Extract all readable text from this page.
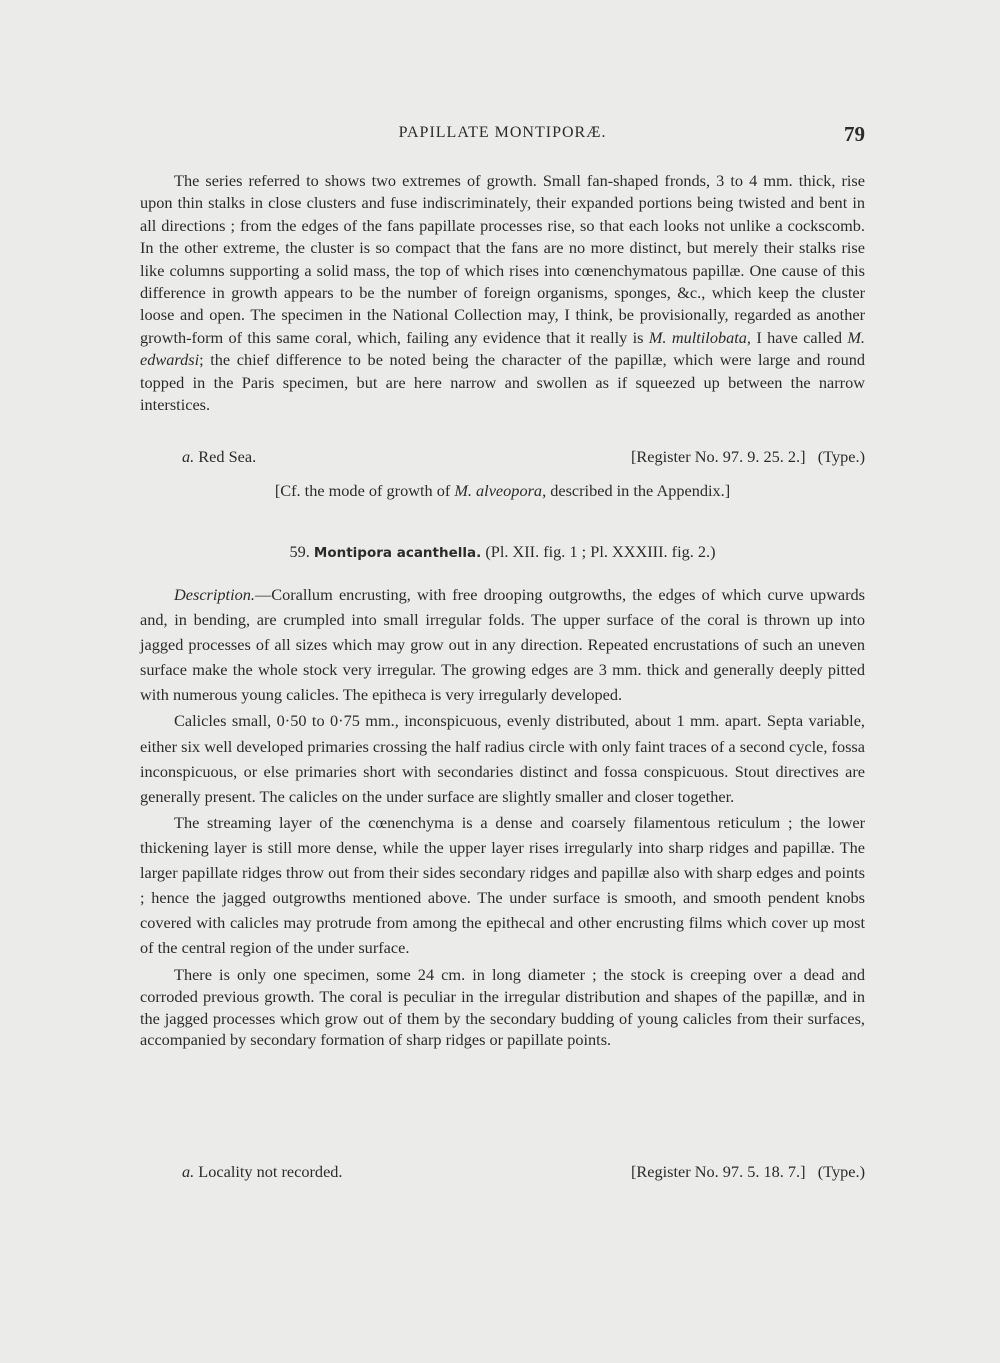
PAPILLATE MONTIPORÆ.	79

The series referred to shows two extremes of growth. Small fan-shaped fronds, 3 to 4 mm. thick, rise upon thin stalks in close clusters and fuse indiscriminately, their expanded portions being twisted and bent in all directions ; from the edges of the fans papillate processes rise, so that each looks not unlike a cockscomb. In the other extreme, the cluster is so compact that the fans are no more distinct, but merely their stalks rise like columns supporting a solid mass, the top of which rises into cœnenchymatous papillæ. One cause of this difference in growth appears to be the number of foreign organisms, sponges, &c., which keep the cluster loose and open. The specimen in the National Collection may, I think, be provisionally, regarded as another growth-form of this same coral, which, failing any evidence that it really is M. multilobata, I have called M. edwardsi; the chief difference to be noted being the character of the papillæ, which were large and round topped in the Paris specimen, but are here narrow and swollen as if squeezed up between the narrow interstices.

a. Red Sea.	[Register No. 97. 9. 25. 2.] (Type.)
[Cf. the mode of growth of M. alveopora, described in the Appendix.]
59. Montipora acanthella. (Pl. XII. fig. 1 ; Pl. XXXIII. fig. 2.)

Description.—Corallum encrusting, with free drooping outgrowths, the edges of which curve upwards and, in bending, are crumpled into small irregular folds. The upper surface of the coral is thrown up into jagged processes of all sizes which may grow out in any direction. Repeated encrustations of such an uneven surface make the whole stock very irregular. The growing edges are 3 mm. thick and generally deeply pitted with numerous young calicles. The epitheca is very irregularly developed.

Calicles small, 0·50 to 0·75 mm., inconspicuous, evenly distributed, about 1 mm. apart. Septa variable, either six well developed primaries crossing the half radius circle with only faint traces of a second cycle, fossa inconspicuous, or else primaries short with secondaries distinct and fossa conspicuous. Stout directives are generally present. The calicles on the under surface are slightly smaller and closer together.

The streaming layer of the cœnenchyma is a dense and coarsely filamentous reticulum ; the lower thickening layer is still more dense, while the upper layer rises irregularly into sharp ridges and papillæ. The larger papillate ridges throw out from their sides secondary ridges and papillæ also with sharp edges and points ; hence the jagged outgrowths mentioned above. The under surface is smooth, and smooth pendent knobs covered with calicles may protrude from among the epithecal and other encrusting films which cover up most of the central region of the under surface.

There is only one specimen, some 24 cm. in long diameter ; the stock is creeping over a dead and corroded previous growth. The coral is peculiar in the irregular distribution and shapes of the papillæ, and in the jagged processes which grow out of them by the secondary budding of young calicles from their surfaces, accompanied by secondary formation of sharp ridges or papillate points.

a. Locality not recorded.	[Register No. 97. 5. 18. 7.] (Type.)
